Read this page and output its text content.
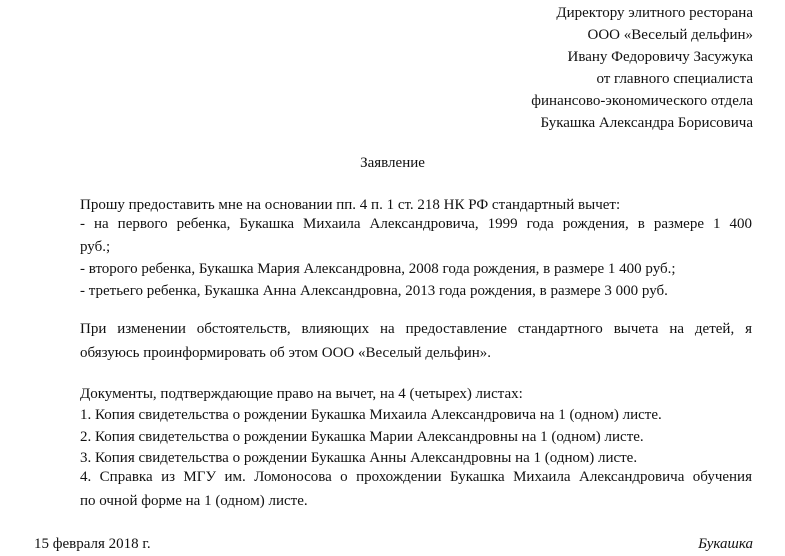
Директору элитного ресторана
ООО «Веселый дельфин»
Ивану Федоровичу Засужука
от главного специалиста
финансово-экономического отдела
Букашка Александра Борисовича
Заявление
Прошу предоставить мне на основании пп. 4 п. 1 ст. 218 НК РФ стандартный вычет:
- на первого ребенка, Букашка Михаила Александровича, 1999 года рождения, в размере 1 400
руб.;
- второго ребенка, Букашка Мария Александровна, 2008 года рождения, в размере 1 400 руб.;
- третьего ребенка, Букашка Анна Александровна, 2013 года рождения, в размере 3 000 руб.
При изменении обстоятельств, влияющих на предоставление стандартного вычета на детей, я
обязуюсь проинформировать об этом ООО «Веселый дельфин».
Документы, подтверждающие право на вычет, на 4 (четырех) листах:
1. Копия свидетельства о рождении Букашка Михаила Александровича на 1 (одном) листе.
2. Копия свидетельства о рождении Букашка Марии Александровны на 1 (одном) листе.
3. Копия свидетельства о рождении Букашка Анны Александровны на 1 (одном) листе.
4. Справка из МГУ им. Ломоносова о прохождении Букашка Михаила Александровича обучения
по очной форме на 1 (одном) листе.
15 февраля 2018 г.	Букашка
